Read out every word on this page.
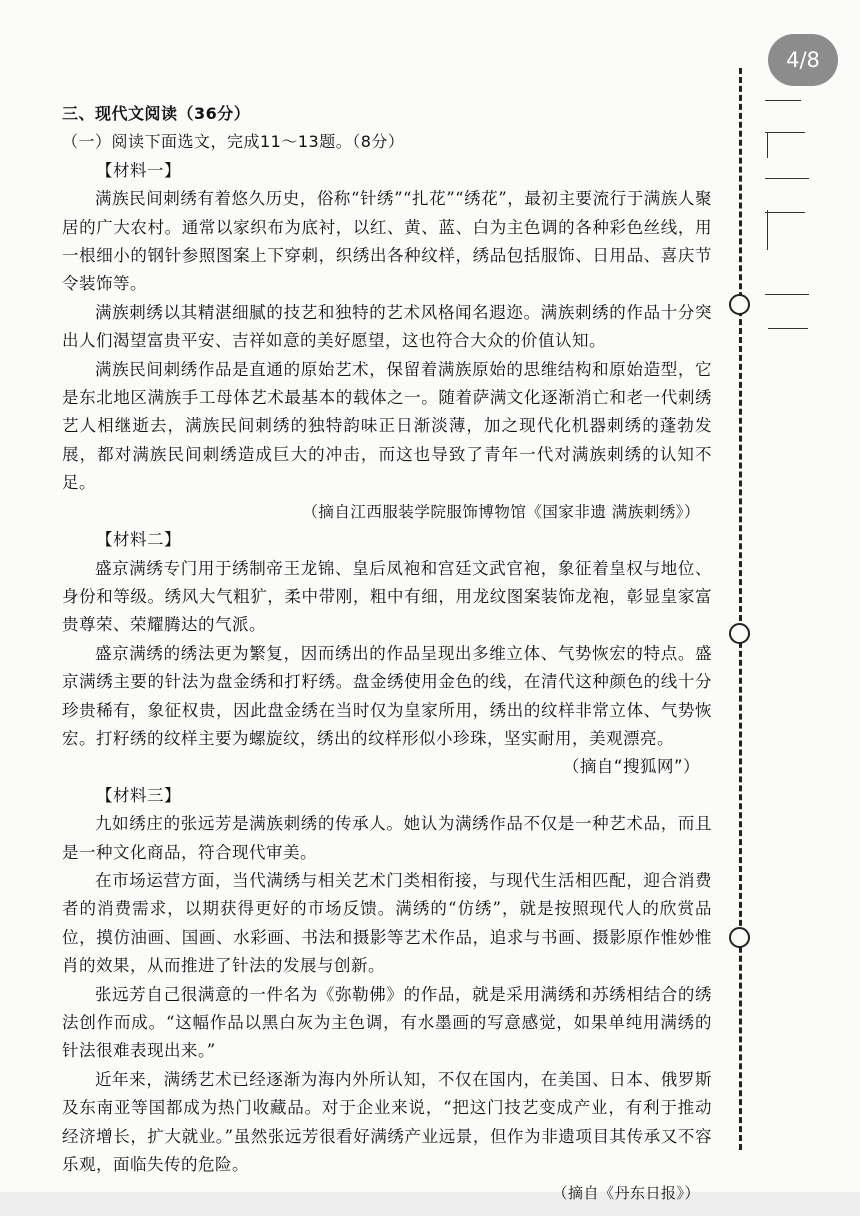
4/8

三、现代文阅读（36分）

（一）阅读下面选文，完成11～13题。（8分）

【材料一】

满族民间刺绣有着悠久历史，俗称“针绣”“扎花”“绣花”，最初主要流行于满族人聚居的广大农村。通常以家织布为底衬，以红、黄、蓝、白为主色调的各种彩色丝线，用一根细小的钢针参照图案上下穿刺，织绣出各种纹样，绣品包括服饰、日用品、喜庆节令装饰等。

满族刺绣以其精湛细腻的技艺和独特的艺术风格闻名遐迩。满族刺绣的作品十分突出人们渴望富贵平安、吉祥如意的美好愿望，这也符合大众的价值认知。

满族民间刺绣作品是直通的原始艺术，保留着满族原始的思维结构和原始造型，它是东北地区满族手工母体艺术最基本的载体之一。随着萨满文化逐渐消亡和老一代刺绣艺人相继逝去，满族民间刺绣的独特韵味正日渐淡薄，加之现代化机器刺绣的蓬勃发展，都对满族民间刺绣造成巨大的冲击，而这也导致了青年一代对满族刺绣的认知不足。

（摘自江西服装学院服饰博物馆《国家非遗 满族刺绣》）

【材料二】

盛京满绣专门用于绣制帝王龙锦、皇后凤袍和宫廷文武官袍，象征着皇权与地位、身份和等级。绣风大气粗犷，柔中带刚，粗中有细，用龙纹图案装饰龙袍，彰显皇家富贵尊荣、荣耀腾达的气派。

盛京满绣的绣法更为繁复，因而绣出的作品呈现出多维立体、气势恢宏的特点。盛京满绣主要的针法为盘金绣和打籽绣。盘金绣使用金色的线，在清代这种颜色的线十分珍贵稀有，象征权贵，因此盘金绣在当时仅为皇家所用，绣出的纹样非常立体、气势恢宏。打籽绣的纹样主要为螺旋纹，绣出的纹样形似小珍珠，坚实耐用，美观漂亮。

（摘自“搜狐网”）

【材料三】

九如绣庄的张远芳是满族刺绣的传承人。她认为满绣作品不仅是一种艺术品，而且是一种文化商品，符合现代审美。

在市场运营方面，当代满绣与相关艺术门类相衔接，与现代生活相匹配，迎合消费者的消费需求，以期获得更好的市场反馈。满绣的“仿绣”，就是按照现代人的欣赏品位，摸仿油画、国画、水彩画、书法和摄影等艺术作品，追求与书画、摄影原作惟妙惟肖的效果，从而推进了针法的发展与创新。

张远芳自己很满意的一件名为《弥勒佛》的作品，就是采用满绣和苏绣相结合的绣法创作而成。“这幅作品以黑白灰为主色调，有水墨画的写意感觉，如果单纯用满绣的针法很难表现出来。”

近年来，满绣艺术已经逐渐为海内外所认知，不仅在国内，在美国、日本、俄罗斯及东南亚等国都成为热门收藏品。对于企业来说，“把这门技艺变成产业，有利于推动经济增长，扩大就业。”虽然张远芳很看好满绣产业远景，但作为非遗项目其传承又不容乐观，面临失传的危险。

（摘自《丹东日报》）
